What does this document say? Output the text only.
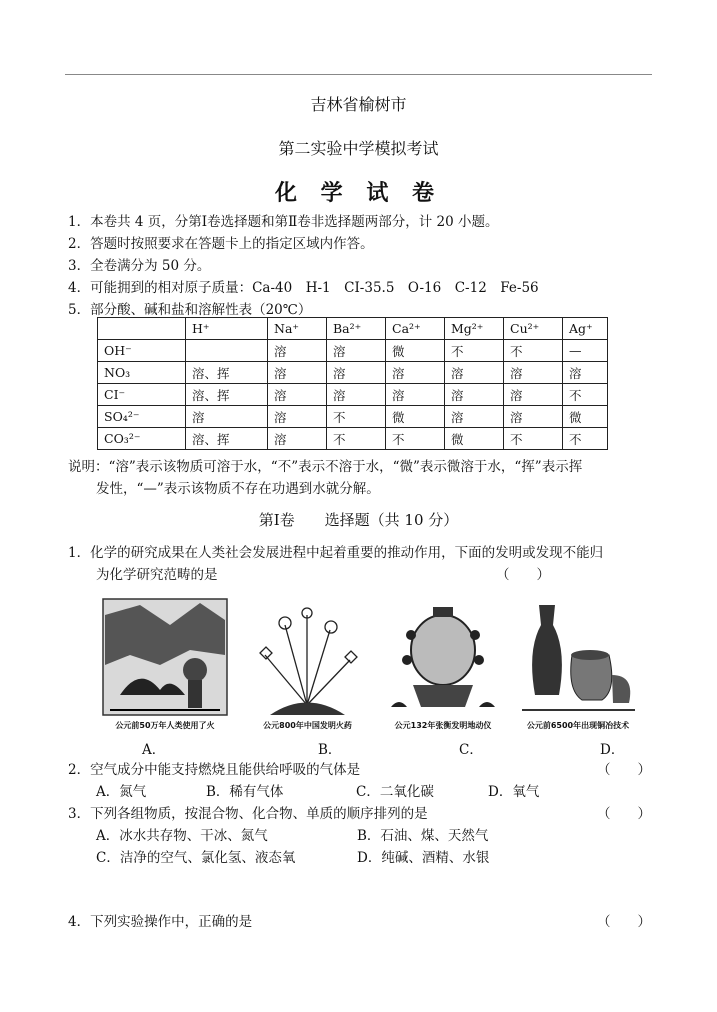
吉林省榆树市
第二实验中学模拟考试
化 学 试 卷
1．本卷共 4 页，分第Ⅰ卷选择题和第Ⅱ卷非选择题两部分，计 20 小题。
2．答题时按照要求在答题卡上的指定区域内作答。
3．全卷满分为 50 分。
4．可能拥到的相对原子质量：Ca-40　H-1　CI-35.5　O-16　C-12　Fe-56
5．部分酸、碱和盐和溶解性表（20℃）
	H⁺	Na⁺	Ba²⁺	Ca²⁺	Mg²⁺	Cu²⁺	Ag⁺
OH⁻		溶	溶	微	不	不	—
NO₃	溶、挥	溶	溶	溶	溶	溶	溶
CI⁻	溶、挥	溶	溶	溶	溶	溶	不
SO₄²⁻	溶	溶	不	微	溶	溶	微
CO₃²⁻	溶、挥	溶	不	不	微	不	不
说明：“溶”表示该物质可溶于水，“不”表示不溶于水，“微”表示微溶于水，“挥”表示挥
发性，“—”表示该物质不存在功遇到水就分解。
第Ⅰ卷　　选择题（共 10 分）
1．化学的研究成果在人类社会发展进程中起着重要的推动作用，下面的发明或发现不能归
为化学研究范畴的是	（　　）
公元前50万年人类使用了火	公元800年中国发明火药	公元132年张衡发明地动仪	公元前6500年出现铜冶技术
A．	B．	C．	D．
2．空气成分中能支持燃烧且能供给呼吸的气体是	（　　）
A．氮气	B．稀有气体	C．二氧化碳	D．氧气
3．下列各组物质，按混合物、化合物、单质的顺序排列的是	（　　）
A．冰水共存物、干冰、氮气	B．石油、煤、天然气
C．洁净的空气、氯化氢、液态氧	D．纯碱、酒精、水银
4．下列实验操作中，正确的是	（　　）
